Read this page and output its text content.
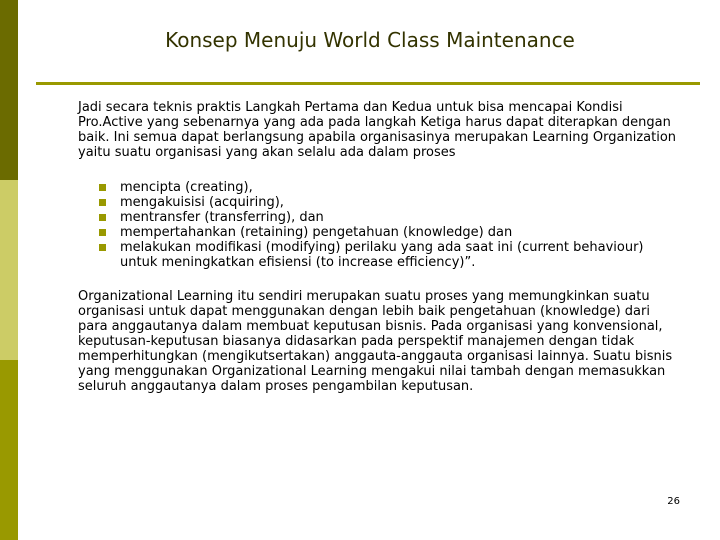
Konsep Menuju World Class Maintenance

Jadi secara teknis praktis Langkah Pertama dan Kedua untuk bisa mencapai Kondisi Pro.Active yang sebenarnya yang ada pada langkah Ketiga harus dapat diterapkan dengan baik. Ini semua dapat berlangsung apabila organisasinya merupakan Learning Organization yaitu suatu organisasi yang akan selalu ada dalam proses

mencipta (creating),
mengakuisisi (acquiring),
mentransfer (transferring), dan
mempertahankan (retaining) pengetahuan (knowledge) dan
melakukan modifikasi (modifying) perilaku yang ada saat ini (current behaviour) untuk meningkatkan efisiensi (to increase efficiency)”.

Organizational Learning itu sendiri merupakan suatu proses yang memungkinkan suatu organisasi untuk dapat menggunakan dengan lebih baik pengetahuan (knowledge) dari para anggautanya dalam membuat keputusan bisnis. Pada organisasi yang konvensional, keputusan-keputusan biasanya didasarkan pada perspektif manajemen dengan tidak memperhitungkan (mengikutsertakan) anggauta-anggauta organisasi lainnya. Suatu bisnis yang menggunakan Organizational Learning mengakui nilai tambah dengan memasukkan seluruh anggautanya dalam proses pengambilan keputusan.

26
